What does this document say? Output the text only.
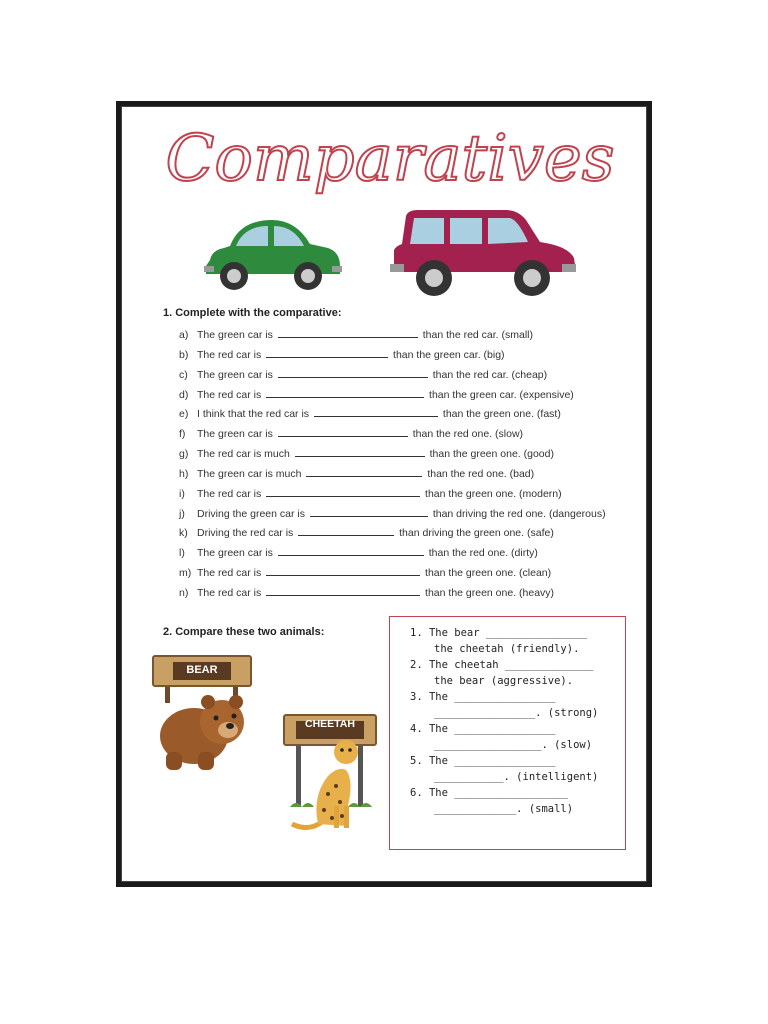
Comparatives
1. Complete with the comparative:
a) The green car is	than the red car. (small)
b) The red car is	than the green car. (big)
c) The green car is	than the red car. (cheap)
d) The red car is	than the green car. (expensive)
e) I think that the red car is	than the green one. (fast)
f) The green car is	than the red one. (slow)
g) The red car is much	than the green one. (good)
h) The green car is much	than the red one. (bad)
i) The red car is	than the green one. (modern)
j) Driving the green car is	than driving the red one. (dangerous)
k) Driving the red car is	than driving the green one. (safe)
l) The green car is	than the red one. (dirty)
m) The red car is	than the green one. (clean)
n) The red car is	than the green one. (heavy)
2. Compare these two animals:
BEAR
CHEETAH
1. The bear ________________
the cheetah (friendly).
2. The cheetah ______________
the bear (aggressive).
3. The ________________
________________. (strong)
4. The ________________
_________________. (slow)
5. The ________________
___________. (intelligent)
6. The __________________
_____________. (small)
